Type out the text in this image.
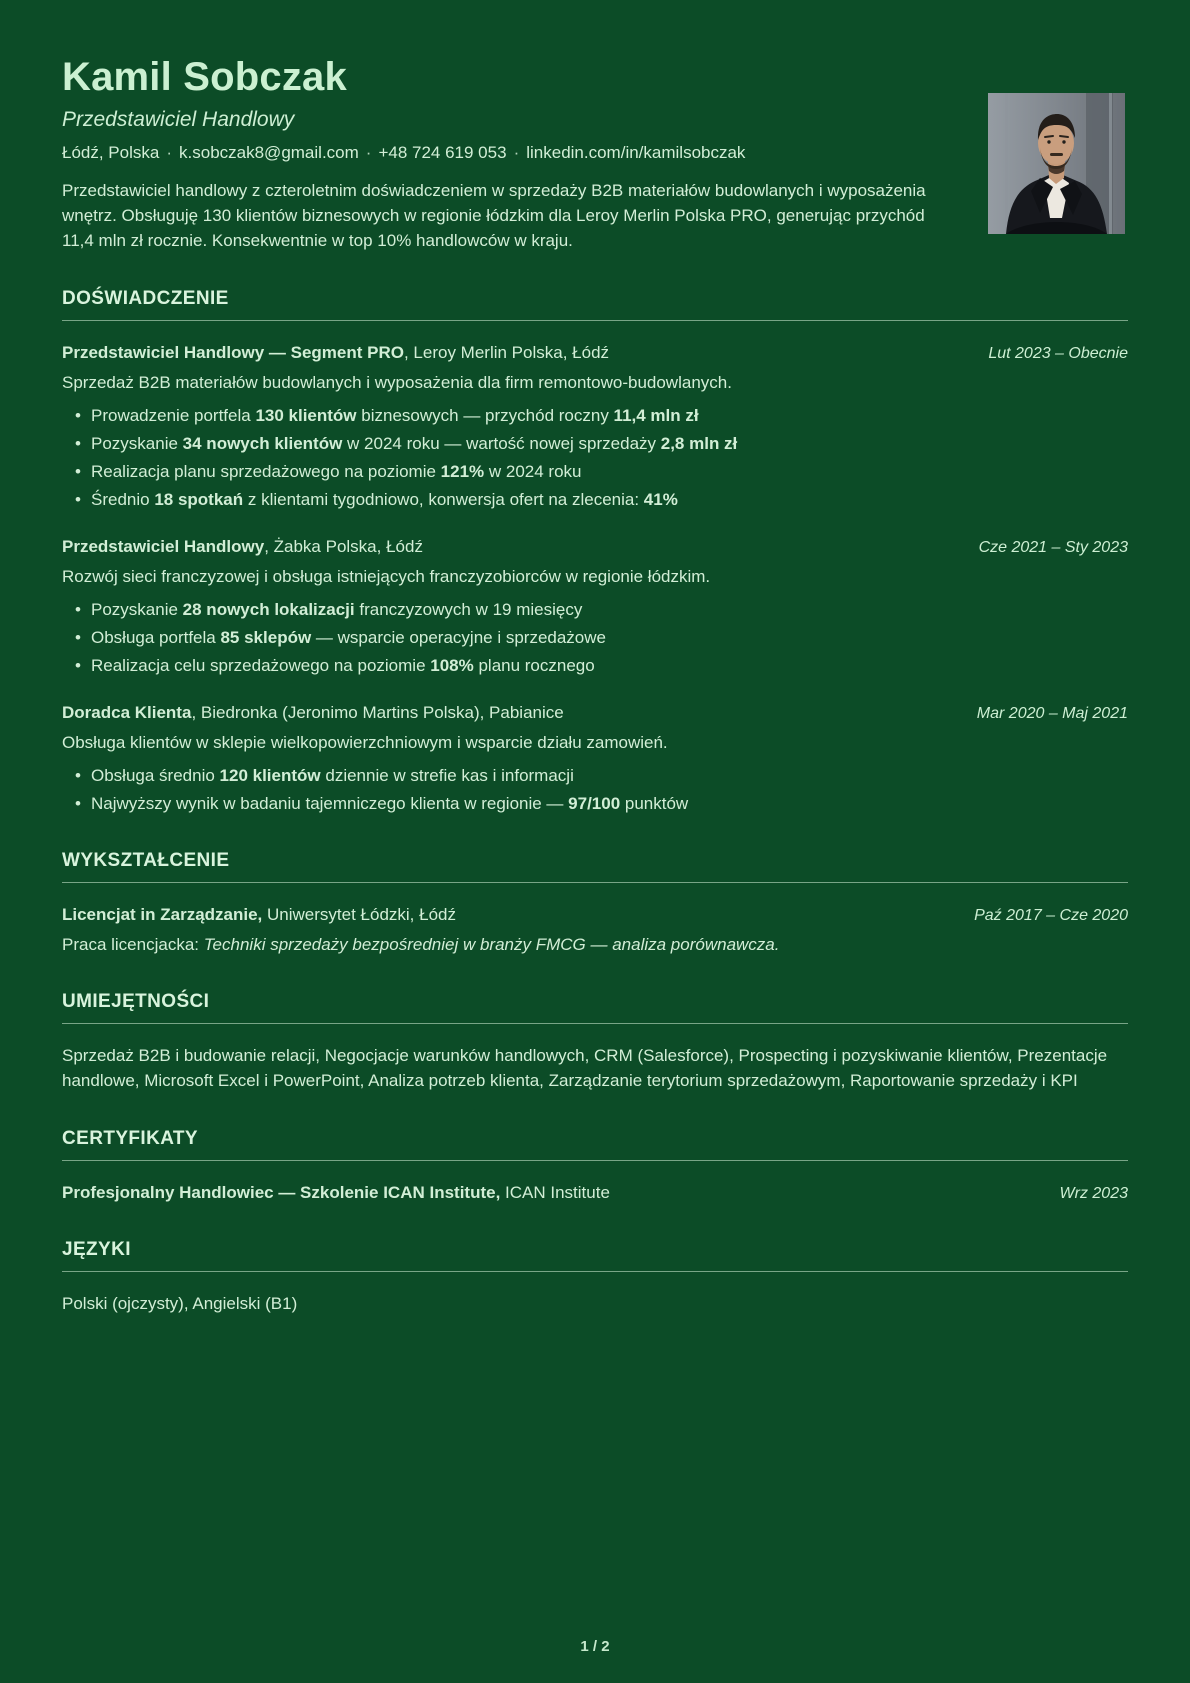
Kamil Sobczak
Przedstawiciel Handlowy
Łódź, Polska · k.sobczak8@gmail.com · +48 724 619 053 · linkedin.com/in/kamilsobczak

Przedstawiciel handlowy z czteroletnim doświadczeniem w sprzedaży B2B materiałów budowlanych i wyposażenia wnętrz. Obsługuję 130 klientów biznesowych w regionie łódzkim dla Leroy Merlin Polska PRO, generując przychód 11,4 mln zł rocznie. Konsekwentnie w top 10% handlowców w kraju.

DOŚWIADCZENIE
Przedstawiciel Handlowy — Segment PRO, Leroy Merlin Polska, Łódź	Lut 2023 – Obecnie

Sprzedaż B2B materiałów budowlanych i wyposażenia dla firm remontowo-budowlanych.

• Prowadzenie portfela 130 klientów biznesowych — przychód roczny 11,4 mln zł
• Pozyskanie 34 nowych klientów w 2024 roku — wartość nowej sprzedaży 2,8 mln zł
• Realizacja planu sprzedażowego na poziomie 121% w 2024 roku
• Średnio 18 spotkań z klientami tygodniowo, konwersja ofert na zlecenia: 41%
Przedstawiciel Handlowy, Żabka Polska, Łódź	Cze 2021 – Sty 2023

Rozwój sieci franczyzowej i obsługa istniejących franczyzobiorców w regionie łódzkim.

• Pozyskanie 28 nowych lokalizacji franczyzowych w 19 miesięcy
• Obsługa portfela 85 sklepów — wsparcie operacyjne i sprzedażowe
• Realizacja celu sprzedażowego na poziomie 108% planu rocznego
Doradca Klienta, Biedronka (Jeronimo Martins Polska), Pabianice	Mar 2020 – Maj 2021

Obsługa klientów w sklepie wielkopowierzchniowym i wsparcie działu zamowień.

• Obsługa średnio 120 klientów dziennie w strefie kas i informacji
• Najwyższy wynik w badaniu tajemniczego klienta w regionie — 97/100 punktów
WYKSZTAŁCENIE
Licencjat in Zarządzanie, Uniwersytet Łódzki, Łódź	Paź 2017 – Cze 2020

Praca licencjacka: Techniki sprzedaży bezpośredniej w branży FMCG — analiza porównawcza.

UMIEJĘTNOŚCI

Sprzedaż B2B i budowanie relacji, Negocjacje warunków handlowych, CRM (Salesforce), Prospecting i pozyskiwanie klientów, Prezentacje handlowe, Microsoft Excel i PowerPoint, Analiza potrzeb klienta, Zarządzanie terytorium sprzedażowym, Raportowanie sprzedaży i KPI

CERTYFIKATY
Profesjonalny Handlowiec — Szkolenie ICAN Institute, ICAN Institute	Wrz 2023
JĘZYKI

Polski (ojczysty), Angielski (B1)

1 / 2
